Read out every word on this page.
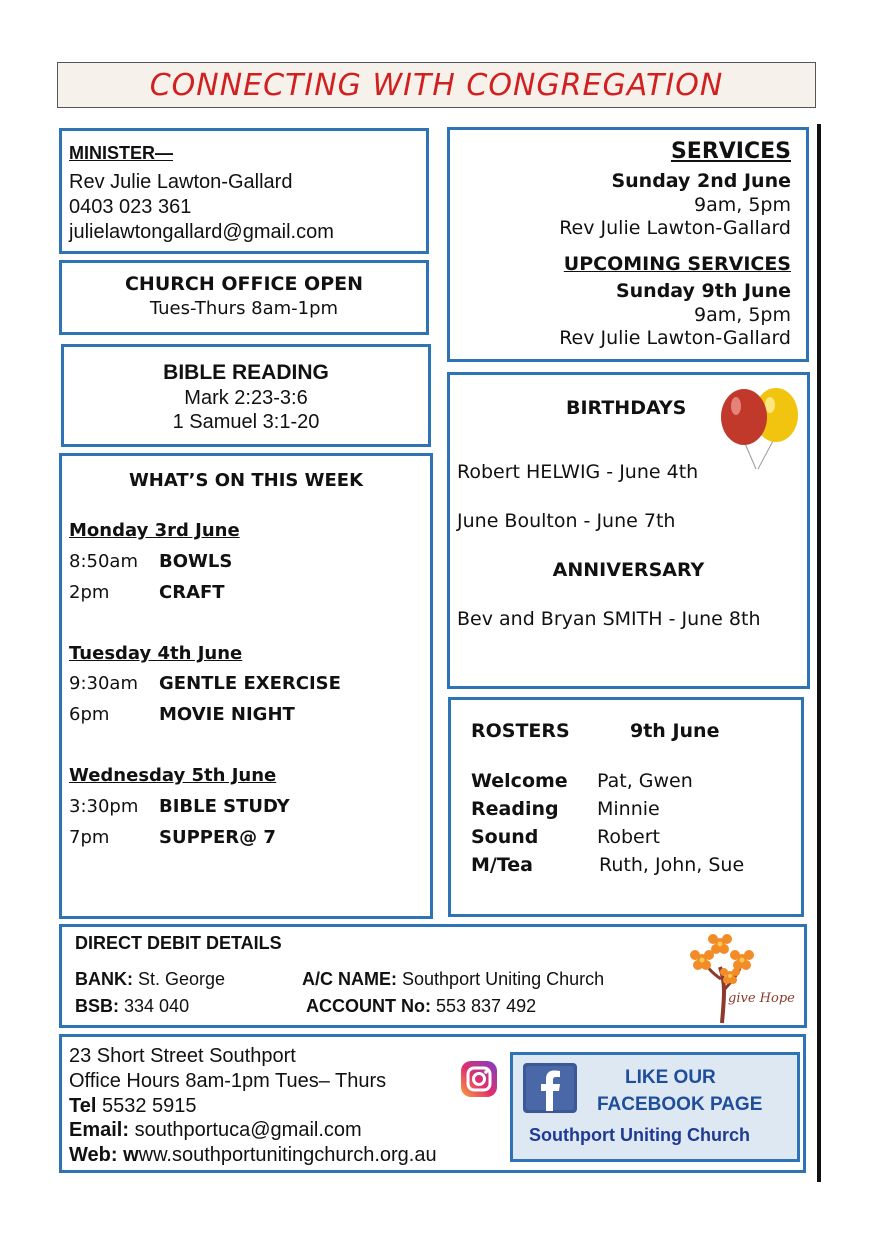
CONNECTING WITH CONGREGATION
MINISTER—
Rev Julie Lawton-Gallard
0403 023 361
julielawtongallard@gmail.com
CHURCH OFFICE OPEN
Tues-Thurs 8am-1pm
BIBLE READING
Mark 2:23-3:6
1 Samuel 3:1-20
WHAT’S ON THIS WEEK
Monday 3rd June
8:50am BOWLS
2pm	CRAFT
Tuesday 4th June
9:30am GENTLE EXERCISE
6pm	MOVIE NIGHT
Wednesday 5th June
3:30pm BIBLE STUDY
7pm	SUPPER@ 7
SERVICES
Sunday 2nd June
9am, 5pm
Rev Julie Lawton-Gallard
UPCOMING SERVICES
Sunday 9th June
9am, 5pm
Rev Julie Lawton-Gallard
BIRTHDAYS
Robert HELWIG - June 4th
June Boulton - June 7th
ANNIVERSARY
Bev and Bryan SMITH - June 8th
ROSTERS	9th June
Welcome Pat, Gwen
Reading Minnie
Sound	Robert
M/Tea	Ruth, John, Sue
DIRECT DEBIT DETAILS
BANK: St. George	A/C NAME: Southport Uniting Church
BSB: 334 040	ACCOUNT No: 553 837 492	give Hope
23 Short Street Southport
Office Hours 8am-1pm Tues– Thurs
Tel 5532 5915
Email: southportuca@gmail.com
Web: www.southportunitingchurch.org.au
LIKE OUR
FACEBOOK PAGE
Southport Uniting Church
